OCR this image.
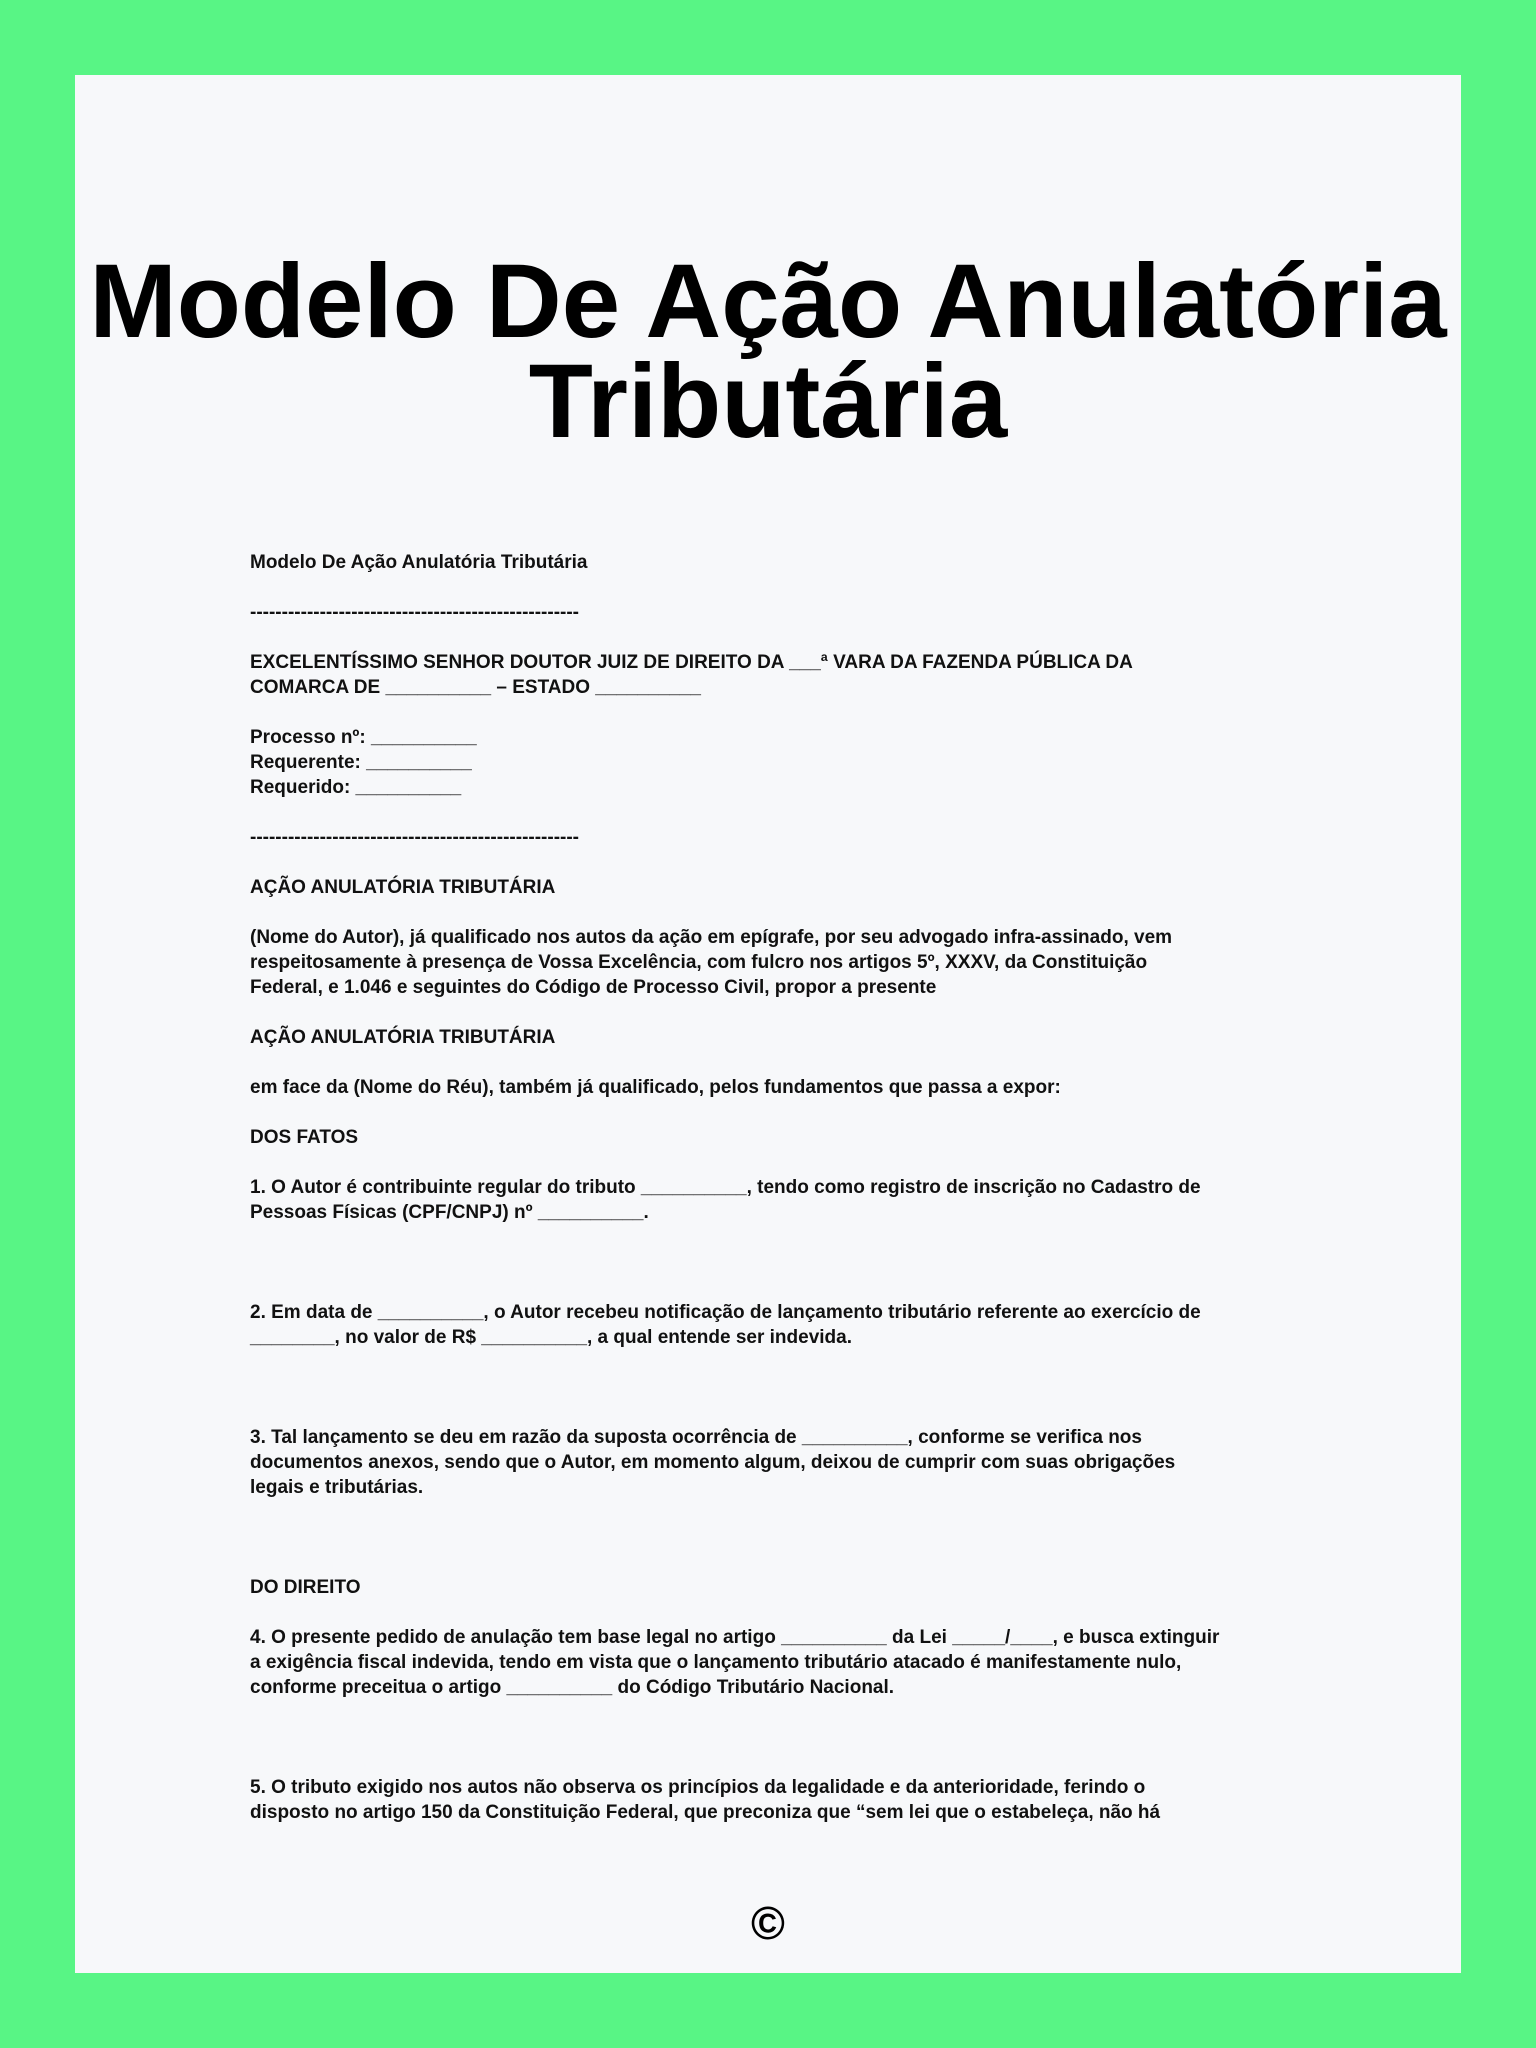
Modelo De Ação Anulatória
Tributária

Modelo De Ação Anulatória Tributária

----------------------------------------------------

EXCELENTÍSSIMO SENHOR DOUTOR JUIZ DE DIREITO DA ___ª VARA DA FAZENDA PÚBLICA DA

COMARCA DE __________ – ESTADO __________

Processo nº: __________

Requerente: __________

Requerido: __________

----------------------------------------------------

AÇÃO ANULATÓRIA TRIBUTÁRIA

(Nome do Autor), já qualificado nos autos da ação em epígrafe, por seu advogado infra-assinado, vem

respeitosamente à presença de Vossa Excelência, com fulcro nos artigos 5º, XXXV, da Constituição

Federal, e 1.046 e seguintes do Código de Processo Civil, propor a presente

AÇÃO ANULATÓRIA TRIBUTÁRIA

em face da (Nome do Réu), também já qualificado, pelos fundamentos que passa a expor:

DOS FATOS

1. O Autor é contribuinte regular do tributo __________, tendo como registro de inscrição no Cadastro de

Pessoas Físicas (CPF/CNPJ) nº __________.

2. Em data de __________, o Autor recebeu notificação de lançamento tributário referente ao exercício de

________, no valor de R$ __________, a qual entende ser indevida.

3. Tal lançamento se deu em razão da suposta ocorrência de __________, conforme se verifica nos

documentos anexos, sendo que o Autor, em momento algum, deixou de cumprir com suas obrigações

legais e tributárias.

DO DIREITO

4. O presente pedido de anulação tem base legal no artigo __________ da Lei _____/____, e busca extinguir

a exigência fiscal indevida, tendo em vista que o lançamento tributário atacado é manifestamente nulo,

conforme preceitua o artigo __________ do Código Tributário Nacional.

5. O tributo exigido nos autos não observa os princípios da legalidade e da anterioridade, ferindo o

disposto no artigo 150 da Constituição Federal, que preconiza que “sem lei que o estabeleça, não há

©
